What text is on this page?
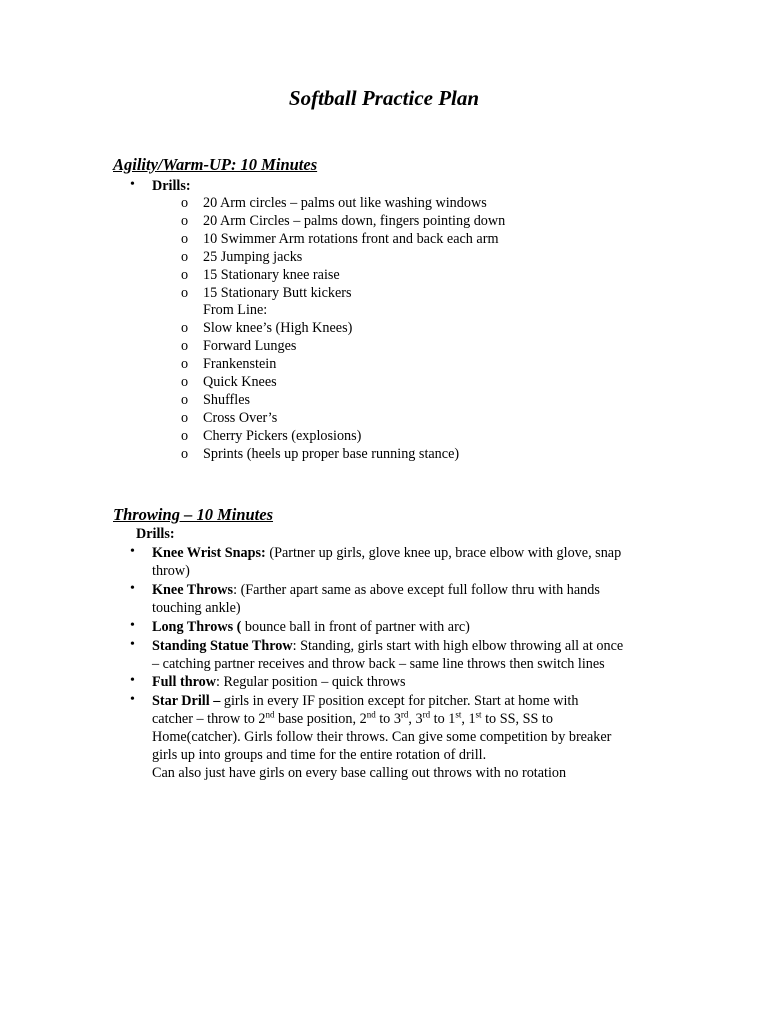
Softball Practice Plan
Agility/Warm-UP: 10 Minutes
• Drills:
o 20 Arm circles – palms out like washing windows
o 20 Arm Circles – palms down, fingers pointing down
o 10 Swimmer Arm rotations front and back each arm
o 25 Jumping jacks
o 15 Stationary knee raise
o 15 Stationary Butt kickers
From Line:
o Slow knee’s (High Knees)
o Forward Lunges
o Frankenstein
o Quick Knees
o Shuffles
o Cross Over’s
o Cherry Pickers (explosions)
o Sprints (heels up proper base running stance)
Throwing – 10 Minutes
Drills:
• Knee Wrist Snaps: (Partner up girls, glove knee up, brace elbow with glove, snap
throw)
• Knee Throws: (Farther apart same as above except full follow thru with hands
touching ankle)
• Long Throws ( bounce ball in front of partner with arc)
• Standing Statue Throw: Standing, girls start with high elbow throwing all at once
– catching partner receives and throw back – same line throws then switch lines
• Full throw: Regular position – quick throws
• Star Drill – girls in every IF position except for pitcher. Start at home with
catcher – throw to 2nd base position, 2nd to 3rd, 3rd to 1st, 1st to SS, SS to
Home(catcher). Girls follow their throws. Can give some competition by breaker
girls up into groups and time for the entire rotation of drill.
Can also just have girls on every base calling out throws with no rotation
